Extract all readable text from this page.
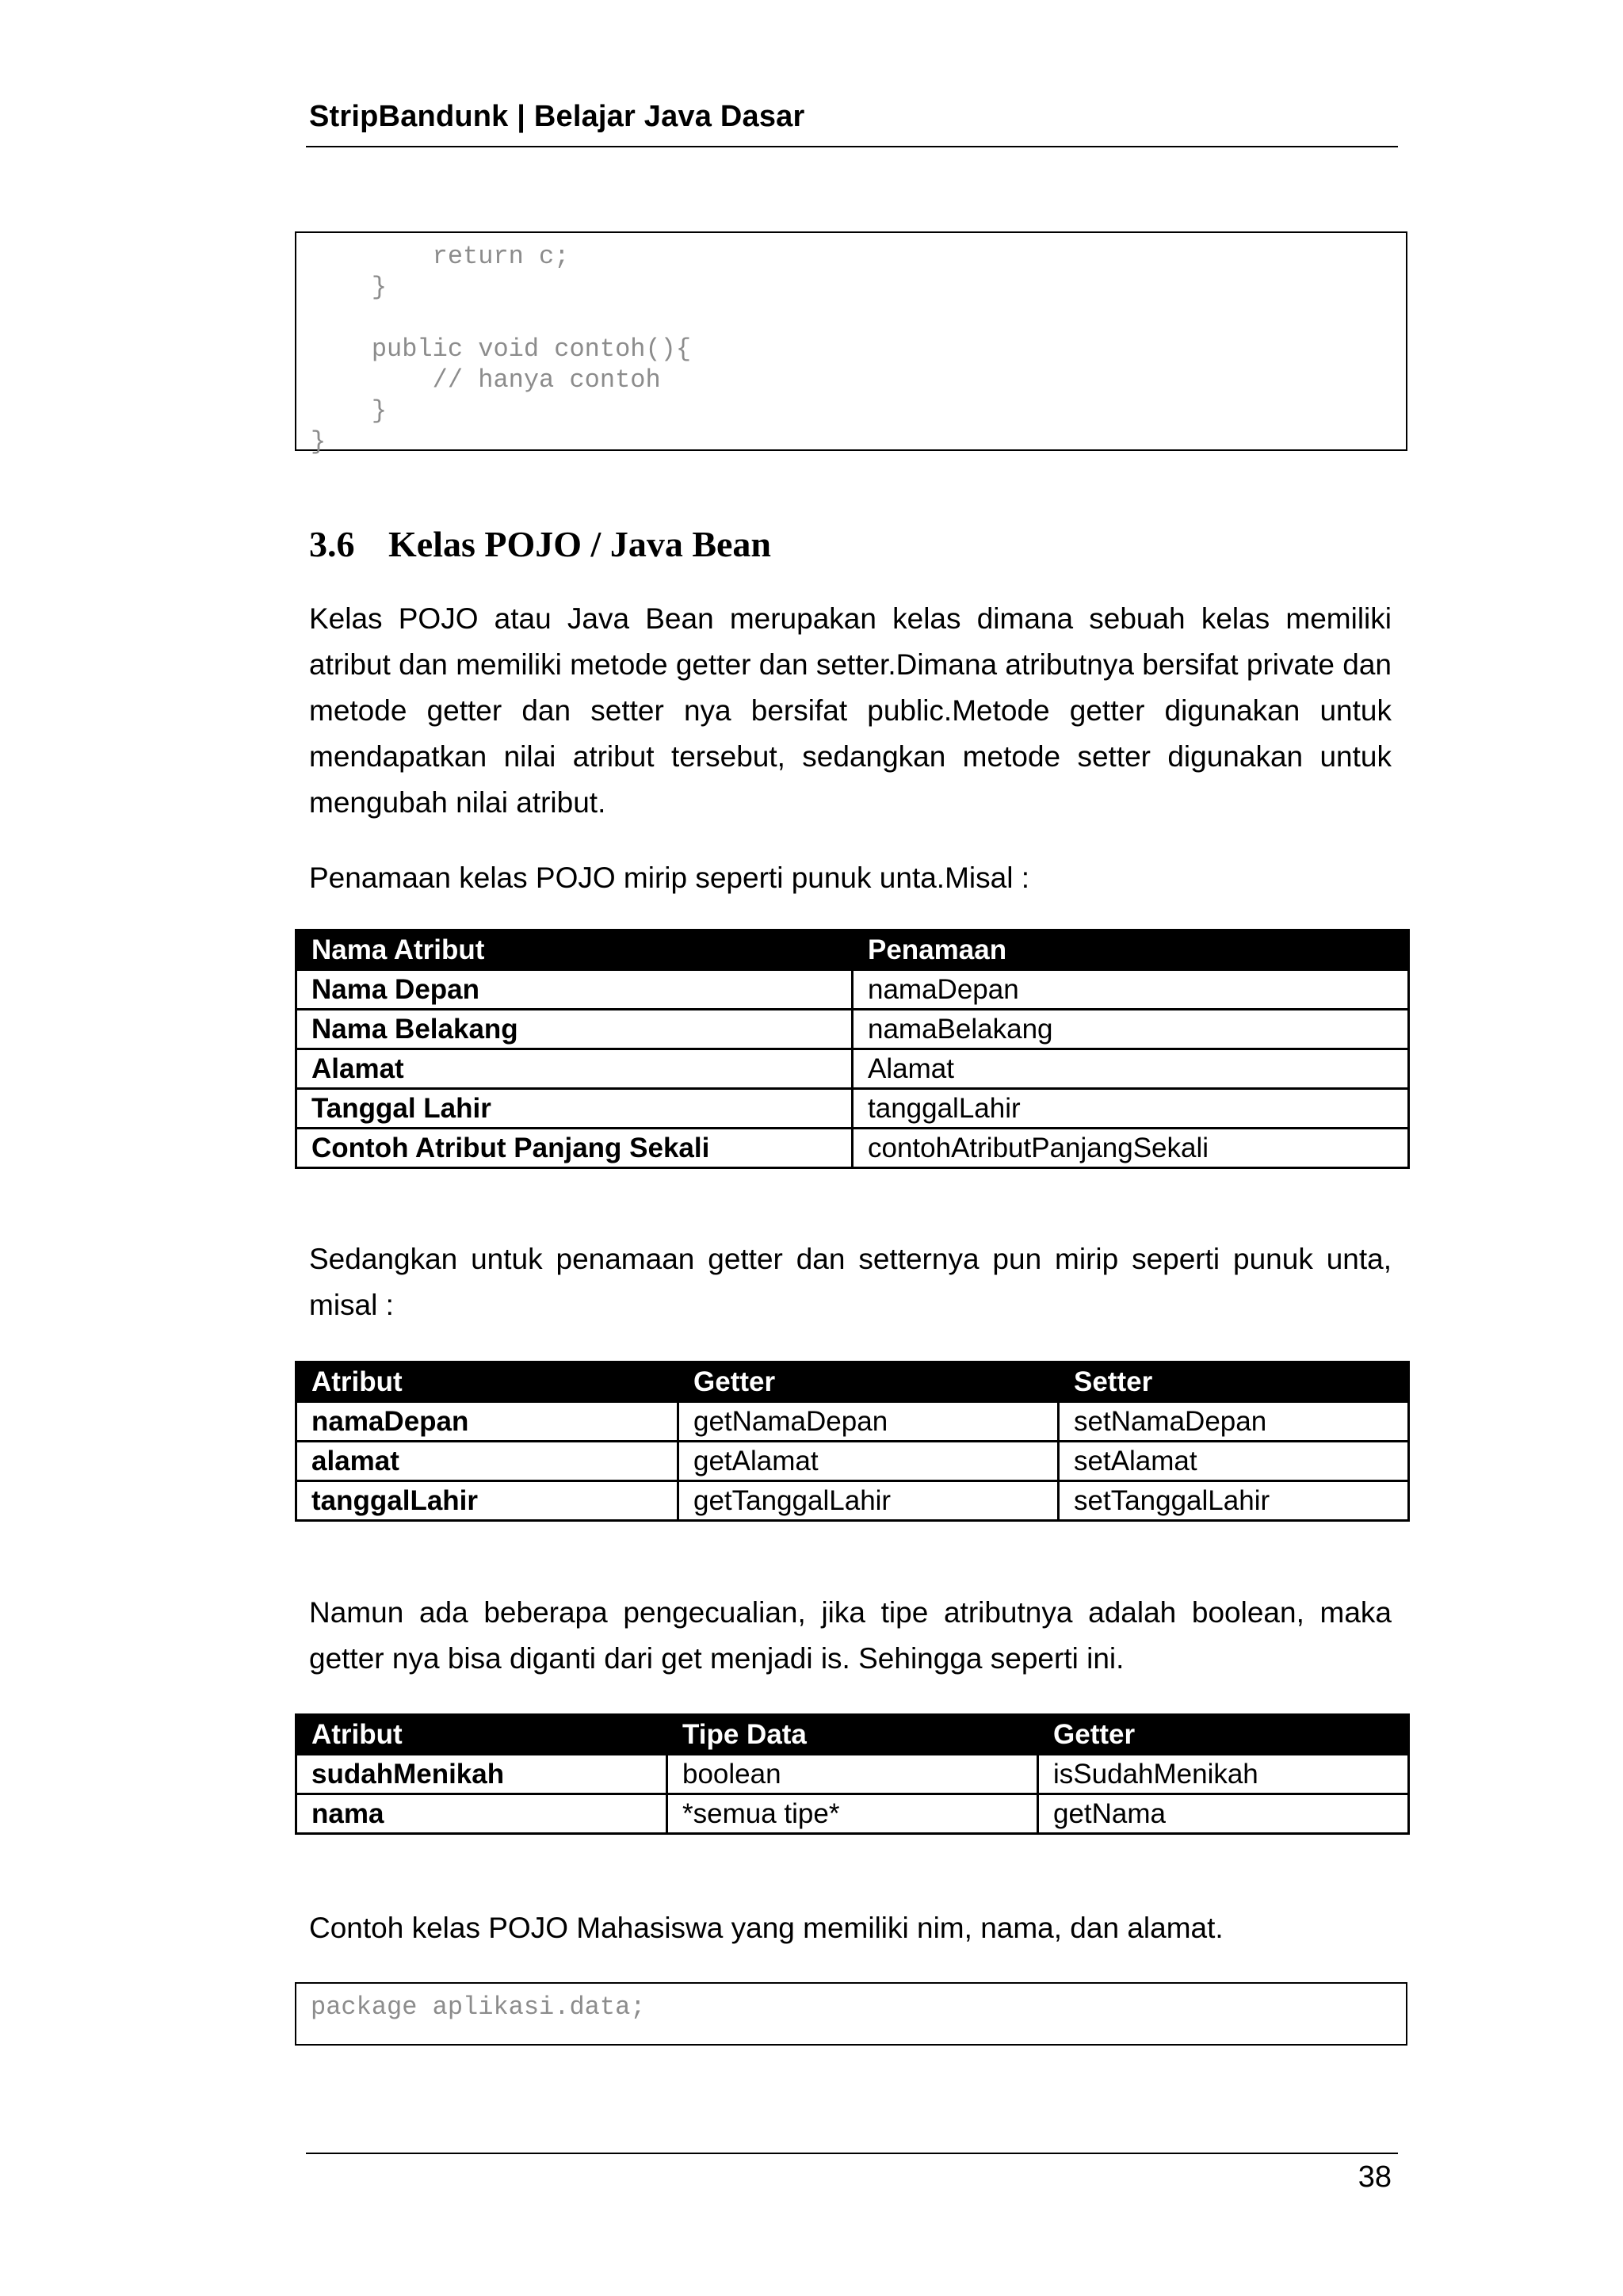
StripBandunk | Belajar Java Dasar
return c;
}
public void contoh(){
// hanya contoh
}
}
3.6 Kelas POJO / Java Bean

Kelas POJO atau Java Bean merupakan kelas dimana sebuah kelas memiliki atribut dan memiliki metode getter dan setter.Dimana atributnya bersifat private dan metode getter dan setter nya bersifat public.Metode getter digunakan untuk mendapatkan nilai atribut tersebut, sedangkan metode setter digunakan untuk mengubah nilai atribut.

Penamaan kelas POJO mirip seperti punuk unta.Misal :

Nama Atribut	Penamaan
Nama Depan	namaDepan
Nama Belakang	namaBelakang
Alamat	Alamat
Tanggal Lahir	tanggalLahir
Contoh Atribut Panjang Sekali	contohAtributPanjangSekali

Sedangkan untuk penamaan getter dan setternya pun mirip seperti punuk unta, misal :

Atribut	Getter	Setter
namaDepan	getNamaDepan	setNamaDepan
alamat	getAlamat	setAlamat
tanggalLahir	getTanggalLahir	setTanggalLahir

Namun ada beberapa pengecualian, jika tipe atributnya adalah boolean, maka getter nya bisa diganti dari get menjadi is. Sehingga seperti ini.

Atribut	Tipe Data	Getter
sudahMenikah	boolean	isSudahMenikah
nama	*semua tipe*	getNama

Contoh kelas POJO Mahasiswa yang memiliki nim, nama, dan alamat.

package aplikasi.data;
38
